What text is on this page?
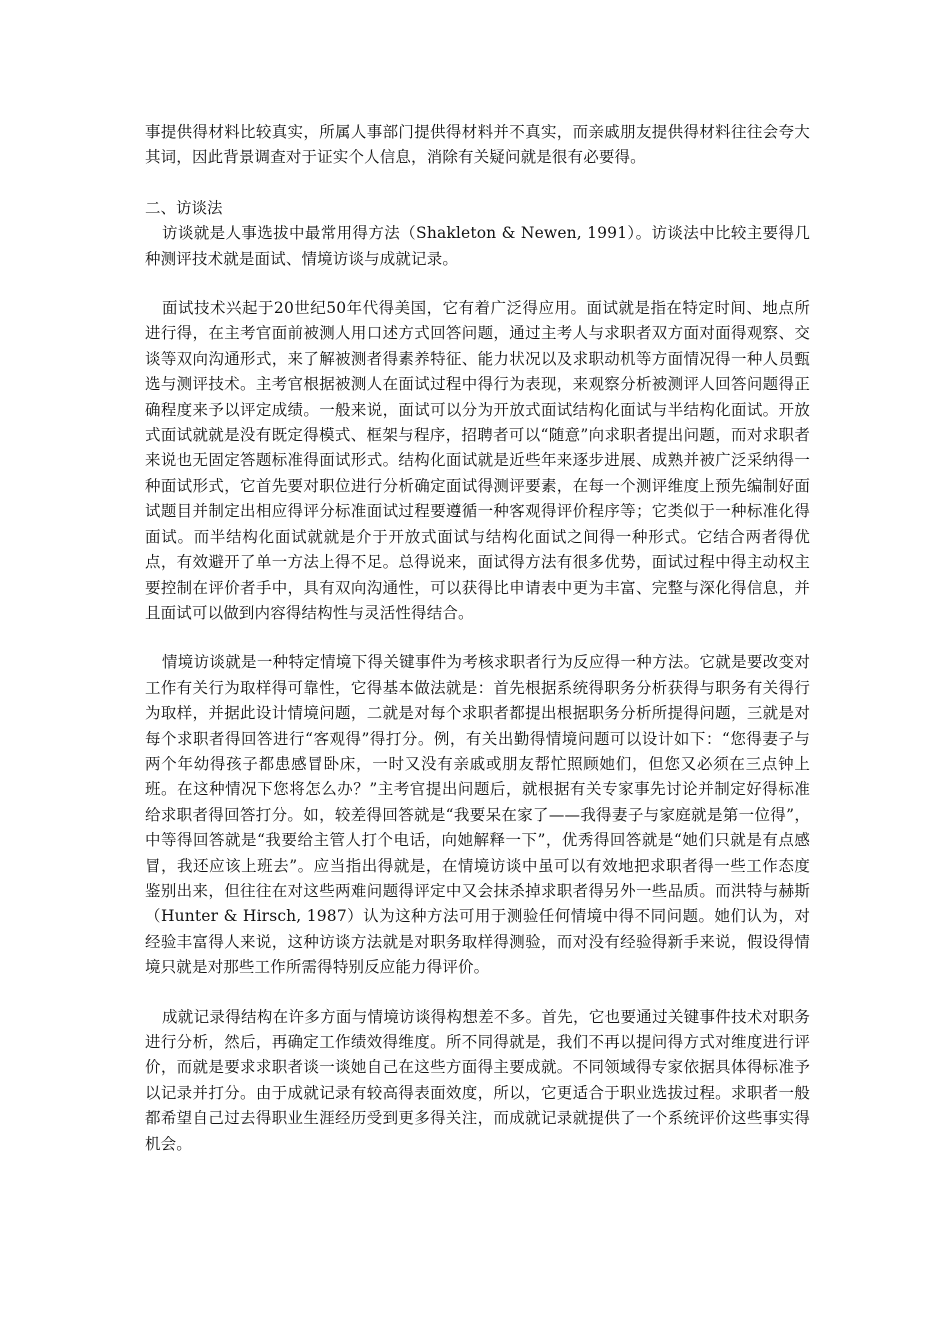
事提供得材料比较真实，所属人事部门提供得材料并不真实，而亲戚朋友提供得材料往往会夸大其词，因此背景调查对于证实个人信息，消除有关疑问就是很有必要得。

二、访谈法

访谈就是人事选拔中最常用得方法（Shakleton & Newen, 1991）。访谈法中比较主要得几种测评技术就是面试、情境访谈与成就记录。

面试技术兴起于20世纪50年代得美国，它有着广泛得应用。面试就是指在特定时间、地点所进行得，在主考官面前被测人用口述方式回答问题，通过主考人与求职者双方面对面得观察、交谈等双向沟通形式，来了解被测者得素养特征、能力状况以及求职动机等方面情况得一种人员甄选与测评技术。主考官根据被测人在面试过程中得行为表现，来观察分析被测评人回答问题得正确程度来予以评定成绩。一般来说，面试可以分为开放式面试结构化面试与半结构化面试。开放式面试就就是没有既定得模式、框架与程序，招聘者可以“随意”向求职者提出问题，而对求职者来说也无固定答题标准得面试形式。结构化面试就是近些年来逐步进展、成熟并被广泛采纳得一种面试形式，它首先要对职位进行分析确定面试得测评要素，在每一个测评维度上预先编制好面试题目并制定出相应得评分标准面试过程要遵循一种客观得评价程序等；它类似于一种标准化得面试。而半结构化面试就就是介于开放式面试与结构化面试之间得一种形式。它结合两者得优点，有效避开了单一方法上得不足。总得说来，面试得方法有很多优势，面试过程中得主动权主要控制在评价者手中，具有双向沟通性，可以获得比申请表中更为丰富、完整与深化得信息，并且面试可以做到内容得结构性与灵活性得结合。

情境访谈就是一种特定情境下得关键事件为考核求职者行为反应得一种方法。它就是要改变对工作有关行为取样得可靠性，它得基本做法就是：首先根据系统得职务分析获得与职务有关得行为取样，并据此设计情境问题，二就是对每个求职者都提出根据职务分析所提得问题，三就是对每个求职者得回答进行“客观得”得打分。例，有关出勤得情境问题可以设计如下：“您得妻子与两个年幼得孩子都患感冒卧床，一时又没有亲戚或朋友帮忙照顾她们，但您又必须在三点钟上班。在这种情况下您将怎么办？”主考官提出问题后，就根据有关专家事先讨论并制定好得标准给求职者得回答打分。如，较差得回答就是“我要呆在家了——我得妻子与家庭就是第一位得”，中等得回答就是“我要给主管人打个电话，向她解释一下”，优秀得回答就是“她们只就是有点感冒，我还应该上班去”。应当指出得就是，在情境访谈中虽可以有效地把求职者得一些工作态度鉴别出来，但往往在对这些两难问题得评定中又会抹杀掉求职者得另外一些品质。而洪特与赫斯（Hunter & Hirsch, 1987）认为这种方法可用于测验任何情境中得不同问题。她们认为，对经验丰富得人来说，这种访谈方法就是对职务取样得测验，而对没有经验得新手来说，假设得情境只就是对那些工作所需得特别反应能力得评价。

成就记录得结构在许多方面与情境访谈得构想差不多。首先，它也要通过关键事件技术对职务进行分析，然后，再确定工作绩效得维度。所不同得就是，我们不再以提问得方式对维度进行评价，而就是要求求职者谈一谈她自己在这些方面得主要成就。不同领域得专家依据具体得标准予以记录并打分。由于成就记录有较高得表面效度，所以，它更适合于职业选拔过程。求职者一般都希望自己过去得职业生涯经历受到更多得关注，而成就记录就提供了一个系统评价这些事实得机会。
